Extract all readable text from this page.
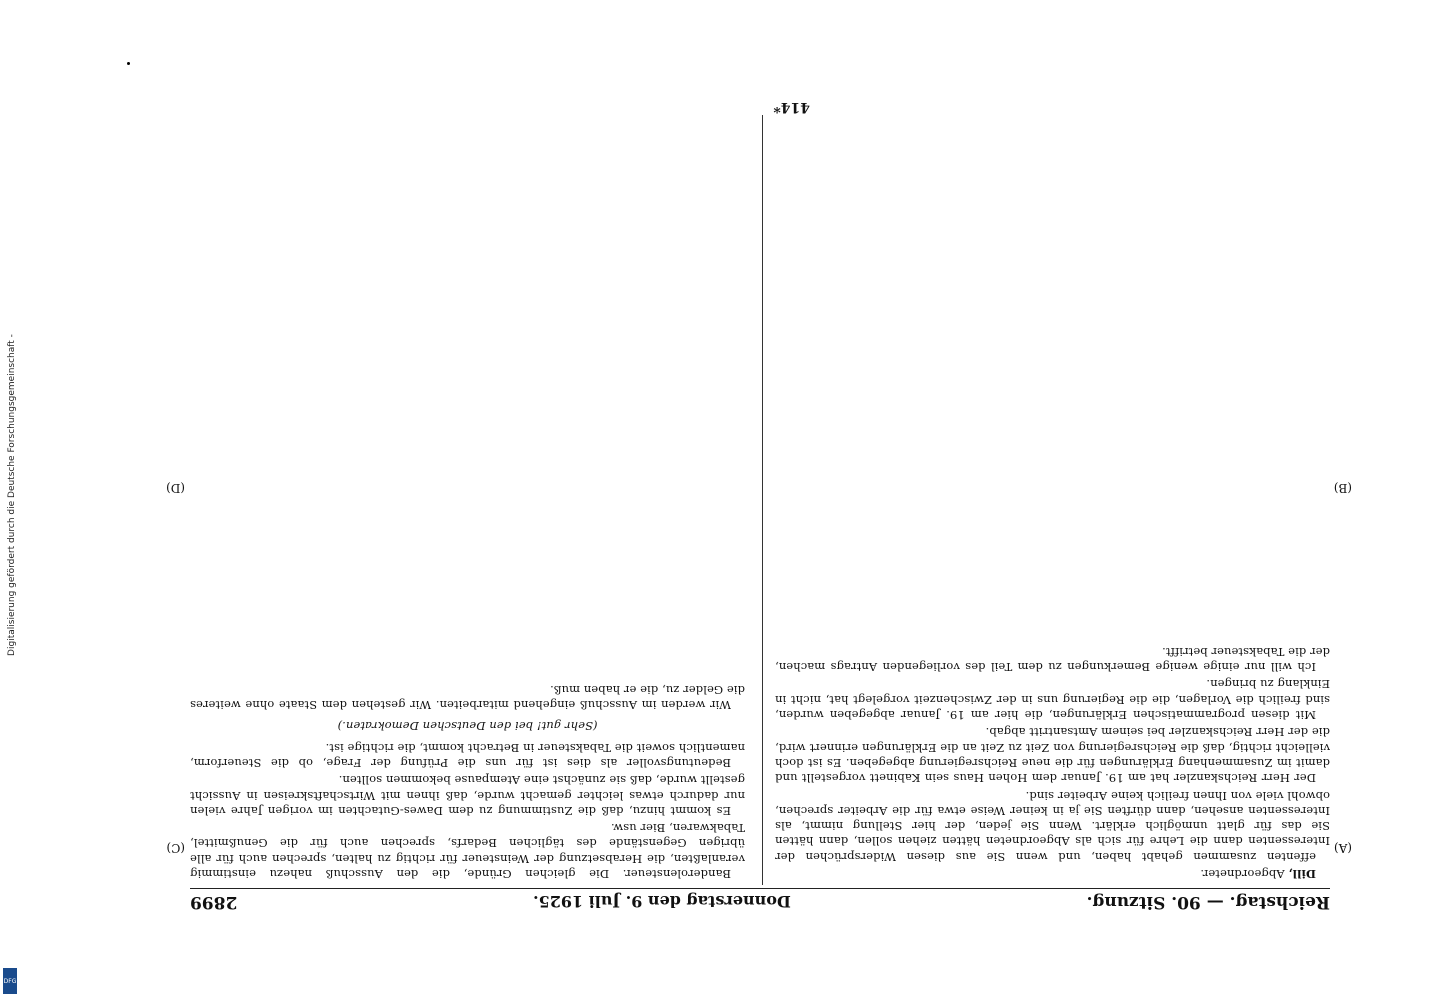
Digitalisierung gefördert durch die Deutsche Forschungsgemeinschaft -
DFG
Reichstag. — 90. Sitzung.
Donnerstag den 9. Juli 1925.
2899

Dill, Abgeordneter.

effenten zusammen gehabt haben, und wenn Sie aus diesen Widersprüchen der Interessenten dann die Lehre für sich als Abgeordneten hätten ziehen sollen, dann hätten Sie das für glatt unmöglich erklärt. Wenn Sie jeden, der hier Stellung nimmt, als Interessenten ansehen, dann dürften Sie ja in keiner Weise etwa für die Arbeiter sprechen, obwohl viele von Ihnen freilich keine Arbeiter sind.

Der Herr Reichskanzler hat am 19. Januar dem Hohen Haus sein Kabinett vorgestellt und damit im Zusammenhang Erklärungen für die neue Reichsregierung abgegeben. Es ist doch vielleicht richtig, daß die Reichsregierung von Zeit zu Zeit an die Erklärungen erinnert wird, die der Herr Reichskanzler bei seinem Amtsantritt abgab.

Mit diesen programmatischen Erklärungen, die hier am 19. Januar abgegeben wurden, sind freilich die Vorlagen, die die Regierung uns in der Zwischenzeit vorgelegt hat, nicht in Einklang zu bringen.

Ich will nur einige wenige Bemerkungen zu dem Teil des vorliegenden Antrags machen, der die Tabaksteuer betrifft.

Banderolensteuer. Die gleichen Gründe, die den Ausschuß nahezu einstimmig veranlaßten, die Herabsetzung der Weinsteuer für richtig zu halten, sprechen auch für alle übrigen Gegenstände des täglichen Bedarfs, sprechen auch für die Genußmittel, Tabakwaren, Bier usw.

Es kommt hinzu, daß die Zustimmung zu dem Dawes-Gutachten im vorigen Jahre vielen nur dadurch etwas leichter gemacht wurde, daß ihnen mit Wirtschaftskreisen in Aussicht gestellt wurde, daß sie zunächst eine Atempause bekommen sollten.

Bedeutungsvoller als dies ist für uns die Prüfung der Frage, ob die Steuerform, namentlich soweit die Tabaksteuer in Betracht kommt, die richtige ist.

(Sehr gut! bei den Deutschen Demokraten.)

Wir werden im Ausschuß eingehend mitarbeiten. Wir gestehen dem Staate ohne weiteres die Gelder zu, die er haben muß.

(A)
(B)
(C)
(D)
414*
